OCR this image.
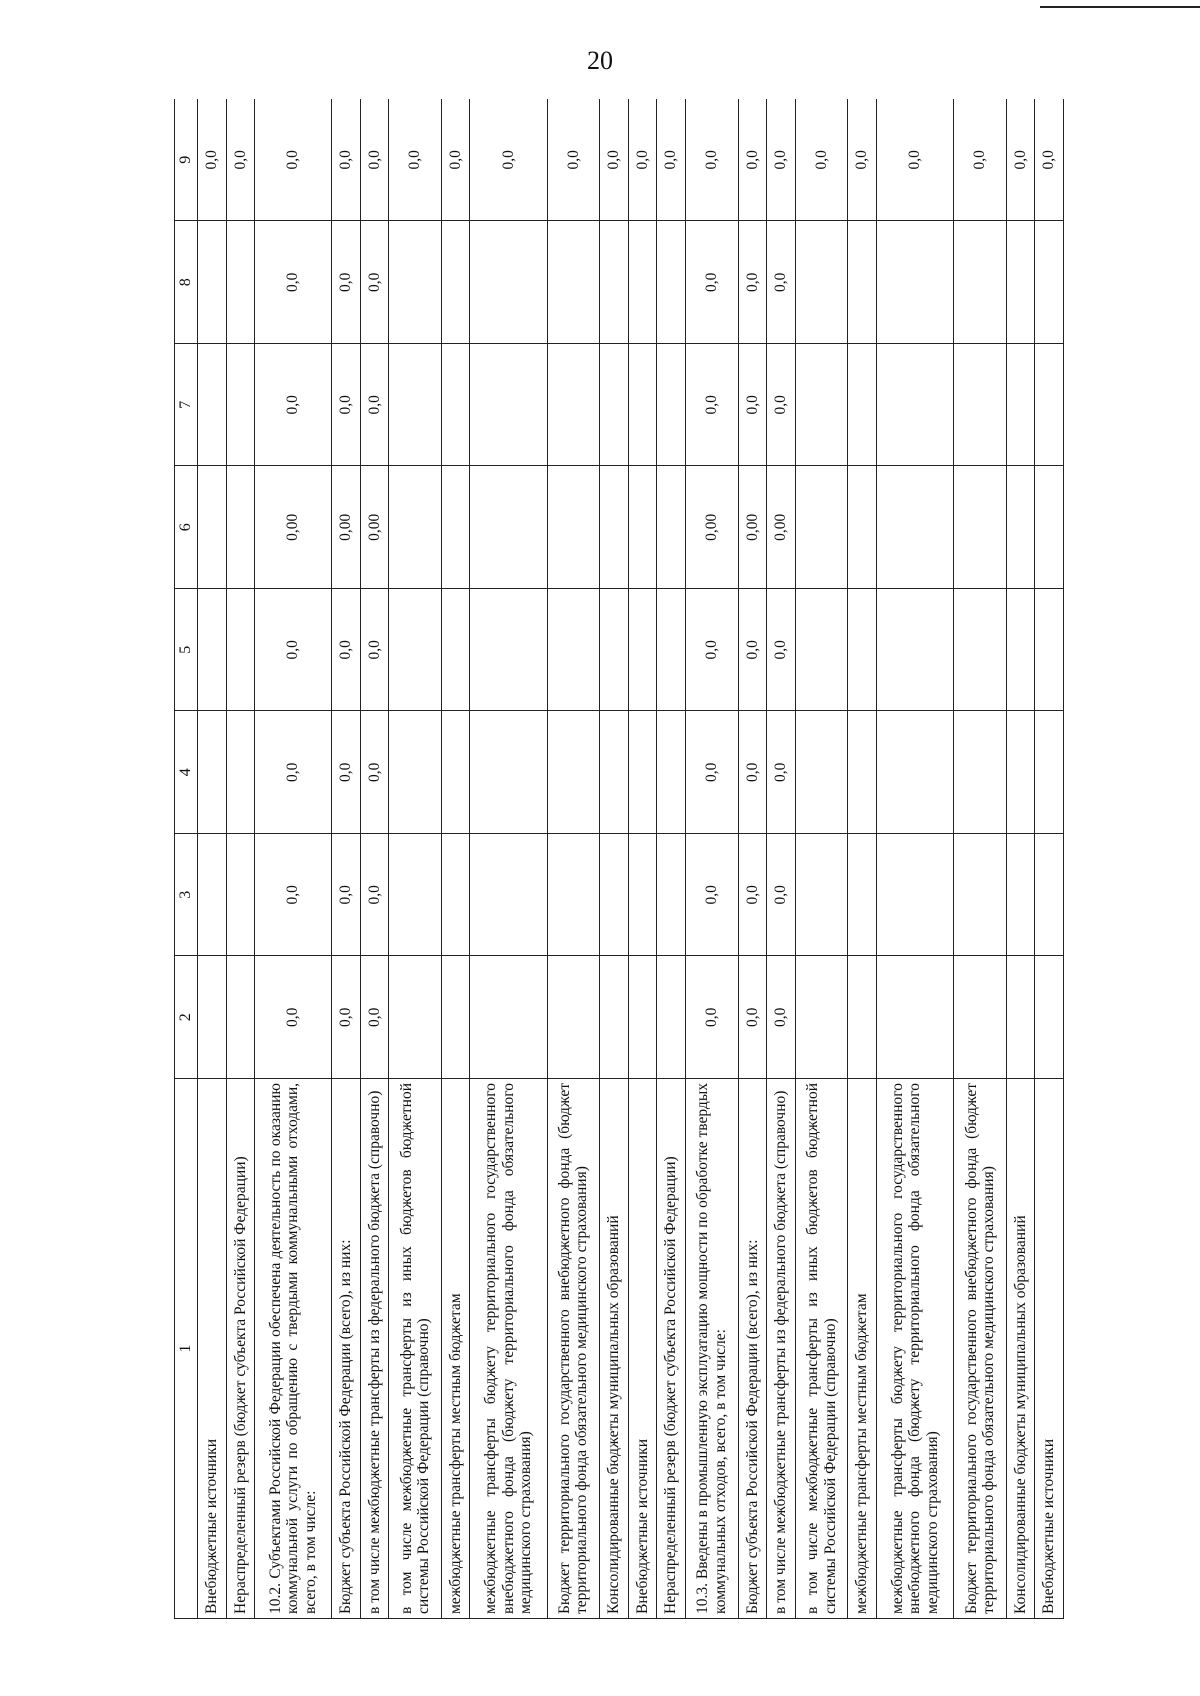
20
1	2	3	4	5	6	7	8	9
Внебюджетные источники								0,0
Нераспределенный резерв (бюджет субъекта Российской Федерации)								0,0
10.2. Субъектами Российской Федерации обеспечена деятельность по оказанию коммунальной услуги по обращению с твердыми коммунальными отходами, всего, в том числе:	0,0	0,0	0,0	0,0	0,00	0,0	0,0	0,0
Бюджет субъекта Российской Федерации (всего), из них:	0,0	0,0	0,0	0,0	0,00	0,0	0,0	0,0
в том числе межбюджетные трансферты из федерального бюджета (справочно)	0,0	0,0	0,0	0,0	0,00	0,0	0,0	0,0
в том числе межбюджетные трансферты из иных бюджетов бюджетной системы Российской Федерации (справочно)								0,0
межбюджетные трансферты местным бюджетам								0,0
межбюджетные трансферты бюджету территориального государственного внебюджетного фонда (бюджету территориального фонда обязательного медицинского страхования)								0,0
Бюджет территориального государственного внебюджетного фонда (бюджет территориального фонда обязательного медицинского страхования)								0,0
Консолидированные бюджеты муниципальных образований								0,0
Внебюджетные источники								0,0
Нераспределенный резерв (бюджет субъекта Российской Федерации)								0,0
10.3. Введены в промышленную эксплуатацию мощности по обработке твердых коммунальных отходов, всего, в том числе:	0,0	0,0	0,0	0,0	0,00	0,0	0,0	0,0
Бюджет субъекта Российской Федерации (всего), из них:	0,0	0,0	0,0	0,0	0,00	0,0	0,0	0,0
в том числе межбюджетные трансферты из федерального бюджета (справочно)	0,0	0,0	0,0	0,0	0,00	0,0	0,0	0,0
в том числе межбюджетные трансферты из иных бюджетов бюджетной системы Российской Федерации (справочно)								0,0
межбюджетные трансферты местным бюджетам								0,0
межбюджетные трансферты бюджету территориального государственного внебюджетного фонда (бюджету территориального фонда обязательного медицинского страхования)								0,0
Бюджет территориального государственного внебюджетного фонда (бюджет территориального фонда обязательного медицинского страхования)								0,0
Консолидированные бюджеты муниципальных образований								0,0
Внебюджетные источники								0,0
